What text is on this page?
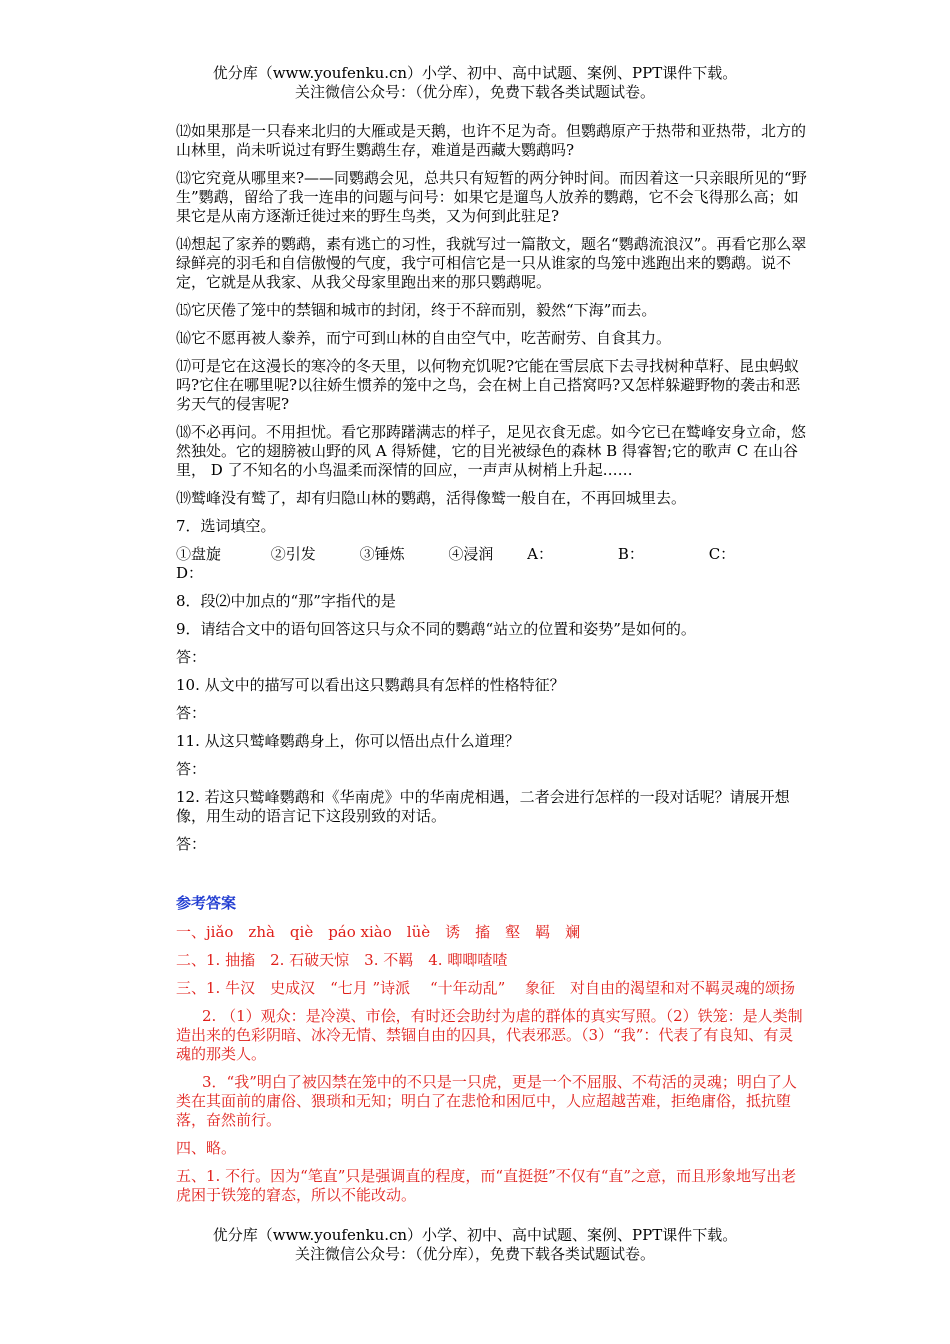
优分库（www.youfenku.cn）小学、初中、高中试题、案例、PPT课件下载。
关注微信公众号：（优分库），免费下载各类试题试卷。

⑿如果那是一只春来北归的大雁或是天鹅，也许不足为奇。但鹦鹉原产于热带和亚热带，北方的山林里，尚未听说过有野生鹦鹉生存，难道是西藏大鹦鹉吗?

⒀它究竟从哪里来?——同鹦鹉会见，总共只有短暂的两分钟时间。而因着这一只亲眼所见的“野生”鹦鹉，留给了我一连串的问题与问号：如果它是遛鸟人放养的鹦鹉，它不会飞得那么高；如果它是从南方逐渐迁徙过来的野生鸟类，又为何到此驻足?

⒁想起了家养的鹦鹉，素有逃亡的习性，我就写过一篇散文，题名“鹦鹉流浪汉”。再看它那么翠绿鲜亮的羽毛和自信傲慢的气度，我宁可相信它是一只从谁家的鸟笼中逃跑出来的鹦鹉。说不定，它就是从我家、从我父母家里跑出来的那只鹦鹉呢。

⒂它厌倦了笼中的禁锢和城市的封闭，终于不辞而别，毅然“下海”而去。

⒃它不愿再被人豢养，而宁可到山林的自由空气中，吃苦耐劳、自食其力。

⒄可是它在这漫长的寒冷的冬天里，以何物充饥呢?它能在雪层底下去寻找树种草籽、昆虫蚂蚁吗?它住在哪里呢?以往娇生惯养的笼中之鸟，会在树上自己搭窝吗?又怎样躲避野物的袭击和恶劣天气的侵害呢?

⒅不必再问。不用担忧。看它那踌躇满志的样子，足见衣食无虑。如今它已在鹫峰安身立命，悠然独处。它的翅膀被山野的风 A 得矫健，它的目光被绿色的森林 B 得睿智;它的歌声 C 在山谷里， D 了不知名的小鸟温柔而深情的回应，一声声从树梢上升起……

⒆鹫峰没有鹫了，却有归隐山林的鹦鹉，活得像鹫一般自在，不再回城里去。

7．选词填空。

①盘旋	②引发	③锤炼	④浸润 A：	B：	C： D：

8．段⑵中加点的“那”字指代的是

9．请结合文中的语句回答这只与众不同的鹦鹉“站立的位置和姿势”是如何的。

答：

10. 从文中的描写可以看出这只鹦鹉具有怎样的性格特征？

答：

11. 从这只鹫峰鹦鹉身上，你可以悟出点什么道理？

答：

12. 若这只鹫峰鹦鹉和《华南虎》中的华南虎相遇，二者会进行怎样的一段对话呢？请展开想像，用生动的语言记下这段别致的对话。

答：

参考答案

一、jiǎo　zhà　qiè　páo xiào　lüè　诱　搐　壑　羁　斓

二、1. 抽搐　2. 石破天惊　3. 不羁　4. 唧唧喳喳

三、1. 牛汉　史成汉　“七月 ”诗派　 “十年动乱”　 象征　对自由的渴望和对不羁灵魂的颂扬

2. （1）观众：是冷漠、市侩，有时还会助纣为虐的群体的真实写照。（2）铁笼：是人类制造出来的色彩阴暗、冰冷无情、禁锢自由的囚具，代表邪恶。（3）“我”：代表了有良知、有灵魂的那类人。

3．“我”明白了被囚禁在笼中的不只是一只虎，更是一个不屈服、不苟活的灵魂；明白了人类在其面前的庸俗、猥琐和无知；明白了在悲怆和困厄中，人应超越苦难，拒绝庸俗，抵抗堕落，奋然前行。

四、略。

五、1. 不行。因为“笔直”只是强调直的程度，而“直挺挺”不仅有“直”之意，而且形象地写出老虎困于铁笼的窘态，所以不能改动。

优分库（www.youfenku.cn）小学、初中、高中试题、案例、PPT课件下载。
关注微信公众号：（优分库），免费下载各类试题试卷。
